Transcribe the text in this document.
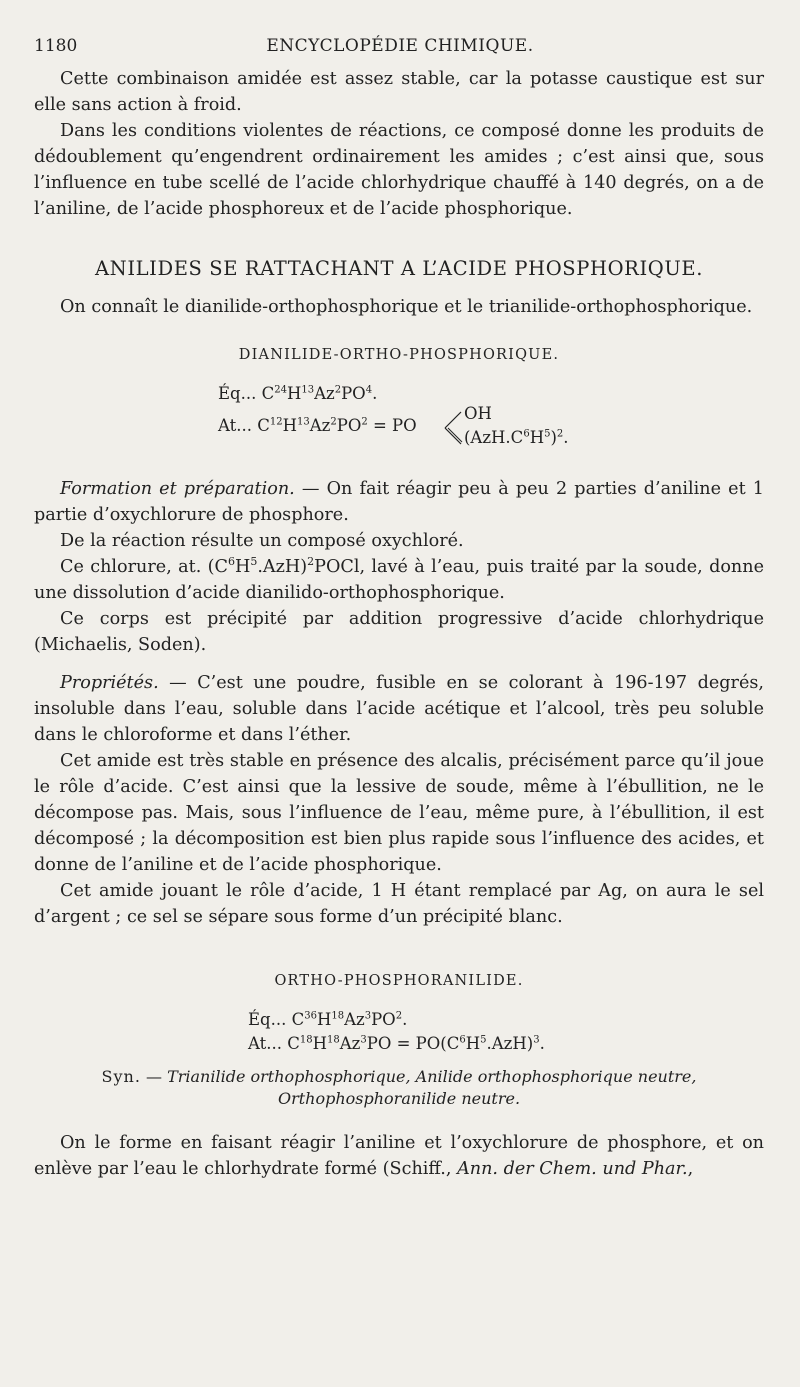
1180	ENCYCLOPÉDIE CHIMIQUE.

Cette combinaison amidée est assez stable, car la potasse caustique est sur elle sans action à froid.

Dans les conditions violentes de réactions, ce composé donne les produits de dédoublement qu’engendrent ordinairement les amides ; c’est ainsi que, sous l’influence en tube scellé de l’acide chlorhydrique chauffé à 140 degrés, on a de l’aniline, de l’acide phosphoreux et de l’acide phosphorique.

ANILIDES SE RATTACHANT A L’ACIDE PHOSPHORIQUE.

On connaît le dianilide-orthophosphorique et le trianilide-orthophosphorique.

DIANILIDE-ORTHO-PHOSPHORIQUE.
Éq... $C^{24}H^{13}Az^2PO^4$.
At... $C^{12}H^{13}Az^2PO^2$ = PO
OH
$(AzH.C^6H^5)^2$.

Formation et préparation. — On fait réagir peu à peu 2 parties d’aniline et 1 partie d’oxychlorure de phosphore.

De la réaction résulte un composé oxychloré.

Ce chlorure, at. $(C^6H^5.AzH)^2POCl$, lavé à l’eau, puis traité par la soude, donne une dissolution d’acide dianilido-orthophosphorique.

Ce corps est précipité par addition progressive d’acide chlorhydrique (Michaelis, Soden).

Propriétés. — C’est une poudre, fusible en se colorant à 196-197 degrés, insoluble dans l’eau, soluble dans l’acide acétique et l’alcool, très peu soluble dans le chloroforme et dans l’éther.

Cet amide est très stable en présence des alcalis, précisément parce qu’il joue le rôle d’acide. C’est ainsi que la lessive de soude, même à l’ébullition, ne le décompose pas. Mais, sous l’influence de l’eau, même pure, à l’ébullition, il est décomposé ; la décomposition est bien plus rapide sous l’influence des acides, et donne de l’aniline et de l’acide phosphorique.

Cet amide jouant le rôle d’acide, 1 H étant remplacé par Ag, on aura le sel d’argent ; ce sel se sépare sous forme d’un précipité blanc.

ORTHO-PHOSPHORANILIDE.
Éq... $C^{36}H^{18}Az^3PO^2$.
At... $C^{18}H^{18}Az^3PO = PO(C^6H^5.AzH)^3$.
Syn. — Trianilide orthophosphorique, Anilide orthophosphorique neutre,
Orthophosphoranilide neutre.

On le forme en faisant réagir l’aniline et l’oxychlorure de phosphore, et on enlève par l’eau le chlorhydrate formé (Schiff., Ann. der Chem. und Phar.,
